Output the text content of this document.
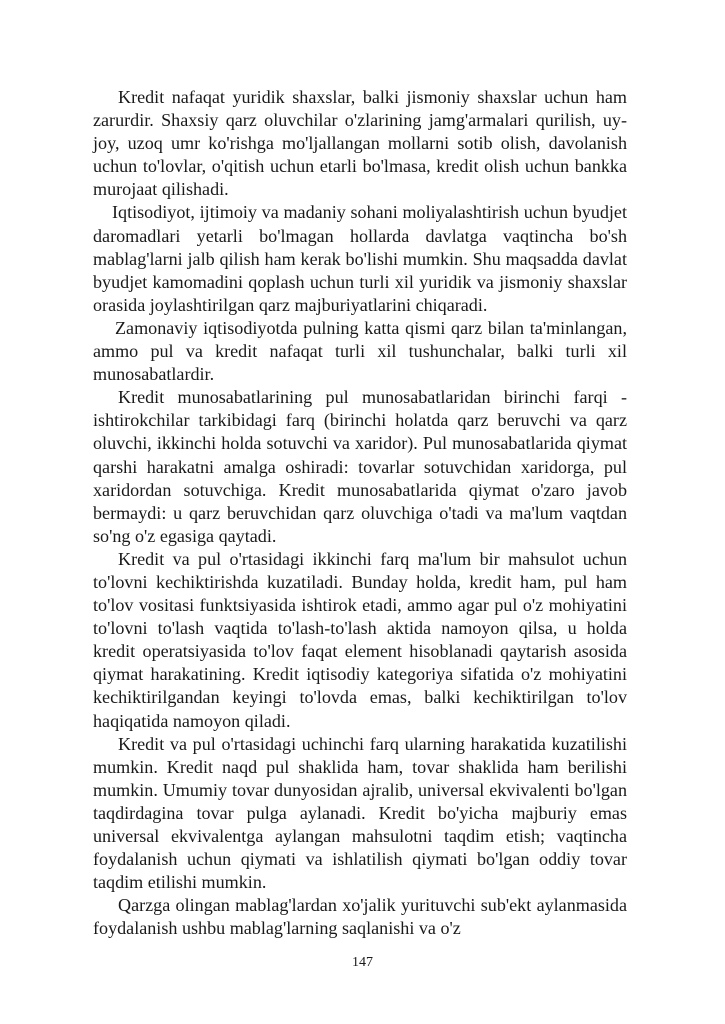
Kredit nafaqat yuridik shaxslar, balki jismoniy shaxslar uchun ham zarurdir. Shaxsiy qarz oluvchilar o'zlarining jamg'armalari qurilish, uy-joy, uzoq umr ko'rishga mo'ljallangan mollarni sotib olish, davolanish uchun to'lovlar, o'qitish uchun etarli bo'lmasa, kredit olish uchun bankka murojaat qilishadi.

Iqtisodiyot, ijtimoiy va madaniy sohani moliyalashtirish uchun byudjet daromadlari yetarli bo'lmagan hollarda davlatga vaqtincha bo'sh mablag'larni jalb qilish ham kerak bo'lishi mumkin. Shu maqsadda davlat byudjet kamomadini qoplash uchun turli xil yuridik va jismoniy shaxslar orasida joylashtirilgan qarz majburiyatlarini chiqaradi.

Zamonaviy iqtisodiyotda pulning katta qismi qarz bilan ta'minlangan, ammo pul va kredit nafaqat turli xil tushunchalar, balki turli xil munosabatlardir.

Kredit munosabatlarining pul munosabatlaridan birinchi farqi - ishtirokchilar tarkibidagi farq (birinchi holatda qarz beruvchi va qarz oluvchi, ikkinchi holda sotuvchi va xaridor). Pul munosabatlarida qiymat qarshi harakatni amalga oshiradi: tovarlar sotuvchidan xaridorga, pul xaridordan sotuvchiga. Kredit munosabatlarida qiymat o'zaro javob bermaydi: u qarz beruvchidan qarz oluvchiga o'tadi va ma'lum vaqtdan so'ng o'z egasiga qaytadi.

Kredit va pul o'rtasidagi ikkinchi farq ma'lum bir mahsulot uchun to'lovni kechiktirishda kuzatiladi. Bunday holda, kredit ham, pul ham to'lov vositasi funktsiyasida ishtirok etadi, ammo agar pul o'z mohiyatini to'lovni to'lash vaqtida to'lash-to'lash aktida namoyon qilsa, u holda kredit operatsiyasida to'lov faqat element hisoblanadi qaytarish asosida qiymat harakatining. Kredit iqtisodiy kategoriya sifatida o'z mohiyatini kechiktirilgandan keyingi to'lovda emas, balki kechiktirilgan to'lov haqiqatida namoyon qiladi.

Kredit va pul o'rtasidagi uchinchi farq ularning harakatida kuzatilishi mumkin. Kredit naqd pul shaklida ham, tovar shaklida ham berilishi mumkin. Umumiy tovar dunyosidan ajralib, universal ekvivalenti bo'lgan taqdirdagina tovar pulga aylanadi. Kredit bo'yicha majburiy emas universal ekvivalentga aylangan mahsulotni taqdim etish; vaqtincha foydalanish uchun qiymati va ishlatilish qiymati bo'lgan oddiy tovar taqdim etilishi mumkin.

Qarzga olingan mablag'lardan xo'jalik yurituvchi sub'ekt aylanmasida foydalanish ushbu mablag'larning saqlanishi va o'z

147
